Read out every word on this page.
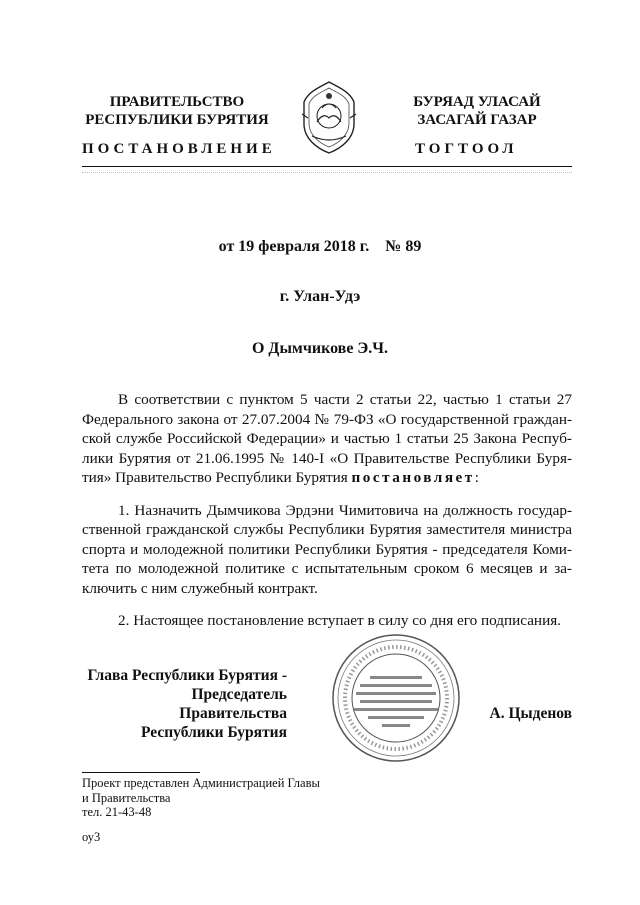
ПРАВИТЕЛЬСТВО
РЕСПУБЛИКИ БУРЯТИЯ
БУРЯАД УЛАСАЙ
ЗАСАГАЙ ГАЗАР
ПОСТАНОВЛЕНИЕ	ТОГТООЛ
от 19 февраля 2018 г. № 89
г. Улан-Удэ
О Дымчикове Э.Ч.

В соответствии с пунктом 5 части 2 статьи 22, частью 1 статьи 27 Федерального закона от 27.07.2004 № 79-ФЗ «О государственной граждан-ской службе Российской Федерации» и частью 1 статьи 25 Закона Респуб-лики Бурятия от 21.06.1995 № 140-I «О Правительстве Республики Буря-тия» Правительство Республики Бурятия постановляет:

1. Назначить Дымчикова Эрдэни Чимитовича на должность государ-ственной гражданской службы Республики Бурятия заместителя министра спорта и молодежной политики Республики Бурятия - председателя Коми-тета по молодежной политике с испытательным сроком 6 месяцев и за-ключить с ним служебный контракт.

2. Настоящее постановление вступает в силу со дня его подписания.

Глава Республики Бурятия -
Председатель Правительства
Республики Бурятия
А. Цыденов
Проект представлен Администрацией Главы
и Правительства
тел. 21-43-48
оу3
